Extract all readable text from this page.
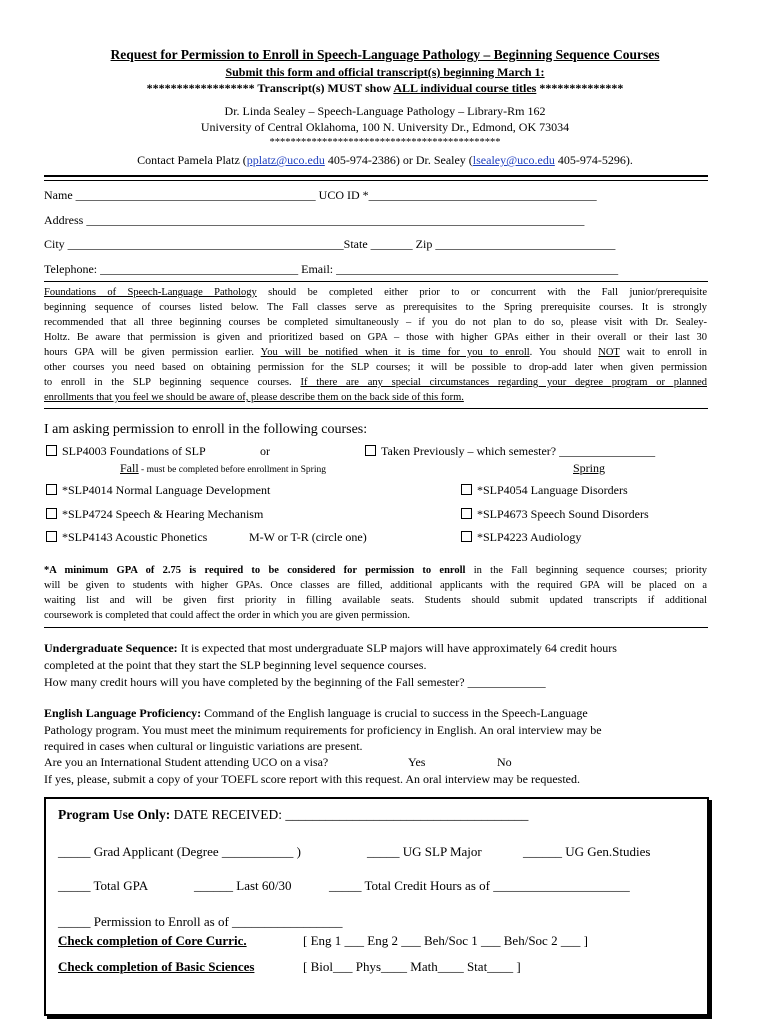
Request for Permission to Enroll in Speech-Language Pathology – Beginning Sequence Courses
Submit this form and official transcript(s) beginning March 1:
****************** Transcript(s) MUST show ALL individual course titles **************
Dr. Linda Sealey – Speech-Language Pathology – Library-Rm 162
University of Central Oklahoma, 100 N. University Dr., Edmond, OK 73034
********************************************
Contact Pamela Platz (pplatz@uco.edu 405-974-2386) or Dr. Sealey (lsealey@uco.edu 405-974-5296).
Name ________________________________________ UCO ID *______________________________________
Address ___________________________________________________________________________________
City ______________________________________________State _______ Zip ______________________________
Telephone: _________________________________ Email: _______________________________________________
Foundations of Speech-Language Pathology should be completed either prior to or concurrent with the Fall junior/prerequisite
beginning sequence of courses listed below. The Fall classes serve as prerequisites to the Spring prerequisite courses. It is strongly
recommended that all three beginning courses be completed simultaneously – if you do not plan to do so, please visit with Dr. Sealey-
Holtz. Be aware that permission is given and prioritized based on GPA – those with higher GPAs either in their overall or their last 30
hours GPA will be given permission earlier. You will be notified when it is time for you to enroll. You should NOT wait to enroll in
other courses you need based on obtaining permission for the SLP courses; it will be possible to drop-add later when given permission
to enroll in the SLP beginning sequence courses. If there are any special circumstances regarding your degree program or planned
enrollments that you feel we should be aware of, please describe them on the back side of this form.
I am asking permission to enroll in the following courses:
SLP4003 Foundations of SLP	or	Taken Previously – which semester? ________________
Fall - must be completed before enrollment in Spring	Spring
*SLP4014 Normal Language Development	*SLP4054 Language Disorders
*SLP4724 Speech & Hearing Mechanism	*SLP4673 Speech Sound Disorders
*SLP4143 Acoustic Phonetics	M-W or T-R (circle one)	*SLP4223 Audiology
*A minimum GPA of 2.75 is required to be considered for permission to enroll in the Fall beginning sequence courses; priority
will be given to students with higher GPAs. Once classes are filled, additional applicants with the required GPA will be placed on a
waiting list and will be given first priority in filling available seats. Students should submit updated transcripts if additional
coursework is completed that could affect the order in which you are given permission.
Undergraduate Sequence: It is expected that most undergraduate SLP majors will have approximately 64 credit hours
completed at the point that they start the SLP beginning level sequence courses.
How many credit hours will you have completed by the beginning of the Fall semester? _____________
English Language Proficiency: Command of the English language is crucial to success in the Speech-Language
Pathology program. You must meet the minimum requirements for proficiency in English. An oral interview may be
required in cases when cultural or linguistic variations are present.
Are you an International Student attending UCO on a visa?	Yes	No
If yes, please, submit a copy of your TOEFL score report with this request. An oral interview may be requested.
Program Use Only: DATE RECEIVED: ____________________________________
_____ Grad Applicant (Degree ___________ )	_____ UG SLP Major	______ UG Gen.Studies
_____ Total GPA	______ Last 60/30	_____ Total Credit Hours as of _____________________
_____ Permission to Enroll as of _________________
Check completion of Core Curric.	[ Eng 1 ___ Eng 2 ___ Beh/Soc 1 ___ Beh/Soc 2 ___ ]
Check completion of Basic Sciences	[ Biol___ Phys____ Math____ Stat____ ]
